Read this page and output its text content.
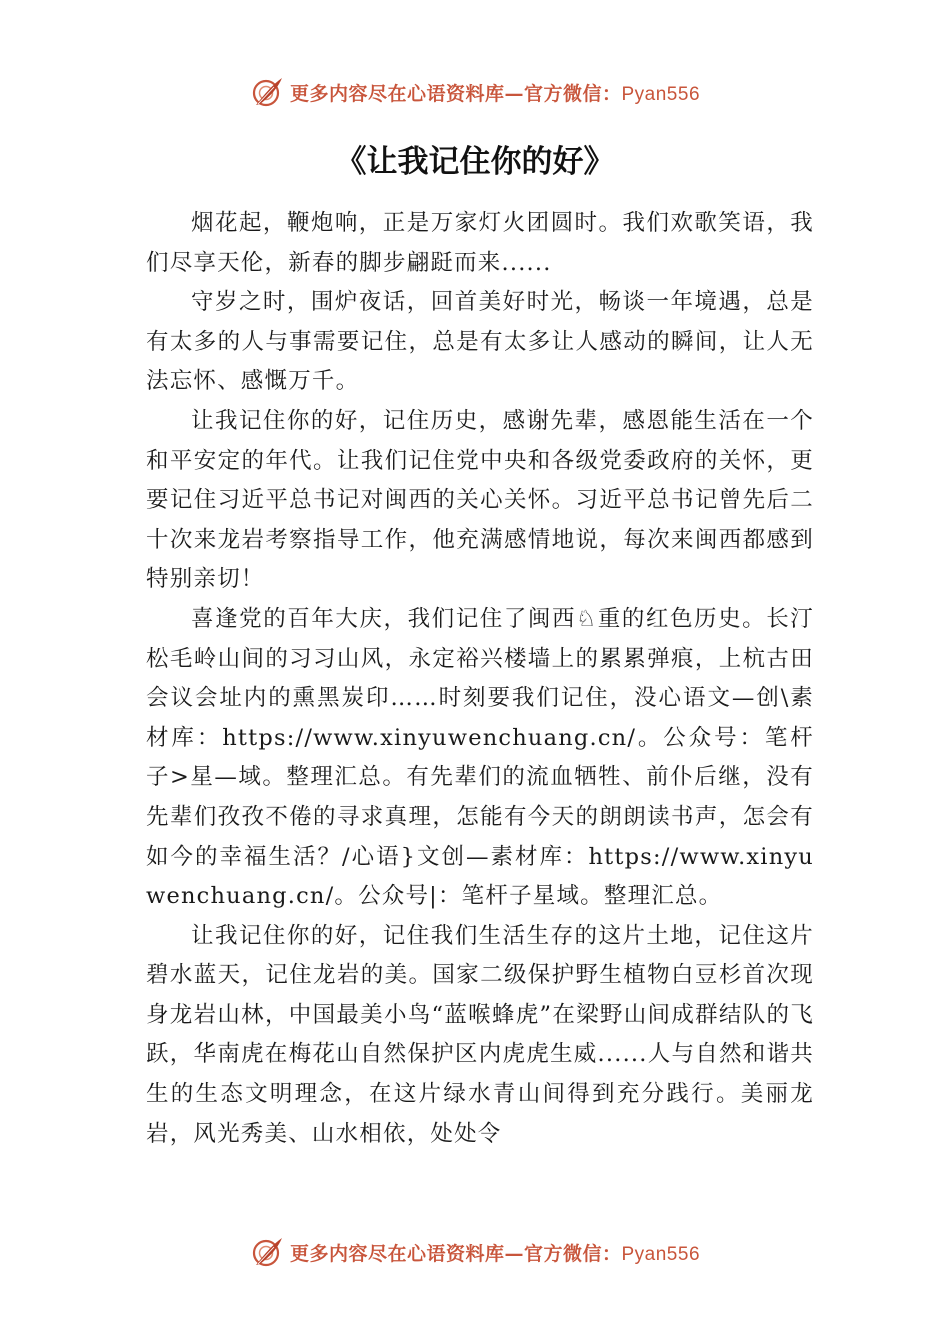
更多内容尽在心语资料库—官方微信：Pyan556
《让我记住你的好》

烟花起，鞭炮响，正是万家灯火团圆时。我们欢歌笑语，我们尽享天伦，新春的脚步翩跹而来......

守岁之时，围炉夜话，回首美好时光，畅谈一年境遇，总是有太多的人与事需要记住，总是有太多让人感动的瞬间，让人无法忘怀、感慨万千。

让我记住你的好，记住历史，感谢先辈，感恩能生活在一个和平安定的年代。让我们记住党中央和各级党委政府的关怀，更要记住习近平总书记对闽西的关心关怀。习近平总书记曾先后二十次来龙岩考察指导工作，他充满感情地说，每次来闽西都感到特别亲切！

喜逢党的百年大庆，我们记住了闽西♘重的红色历史。长汀松毛岭山间的习习山风，永定裕兴楼墙上的累累弹痕，上杭古田会议会址内的熏黑炭印……时刻要我们记住，没心语文—创\素材库：https://www.xinyuwenchuang.cn/。公众号：笔杆子>星—域。整理汇总。有先辈们的流血牺牲、前仆后继，没有先辈们孜孜不倦的寻求真理，怎能有今天的朗朗读书声，怎会有如今的幸福生活？/心语}文创—素材库：https://www.xinyuwenchuang.cn/。公众号|：笔杆子星域。整理汇总。

让我记住你的好，记住我们生活生存的这片土地，记住这片碧水蓝天，记住龙岩的美。国家二级保护野生植物白豆杉首次现身龙岩山林，中国最美小鸟“蓝喉蜂虎”在梁野山间成群结队的飞跃，华南虎在梅花山自然保护区内虎虎生威......人与自然和谐共生的生态文明理念，在这片绿水青山间得到充分践行。美丽龙岩，风光秀美、山水相依，处处令

更多内容尽在心语资料库—官方微信：Pyan556
